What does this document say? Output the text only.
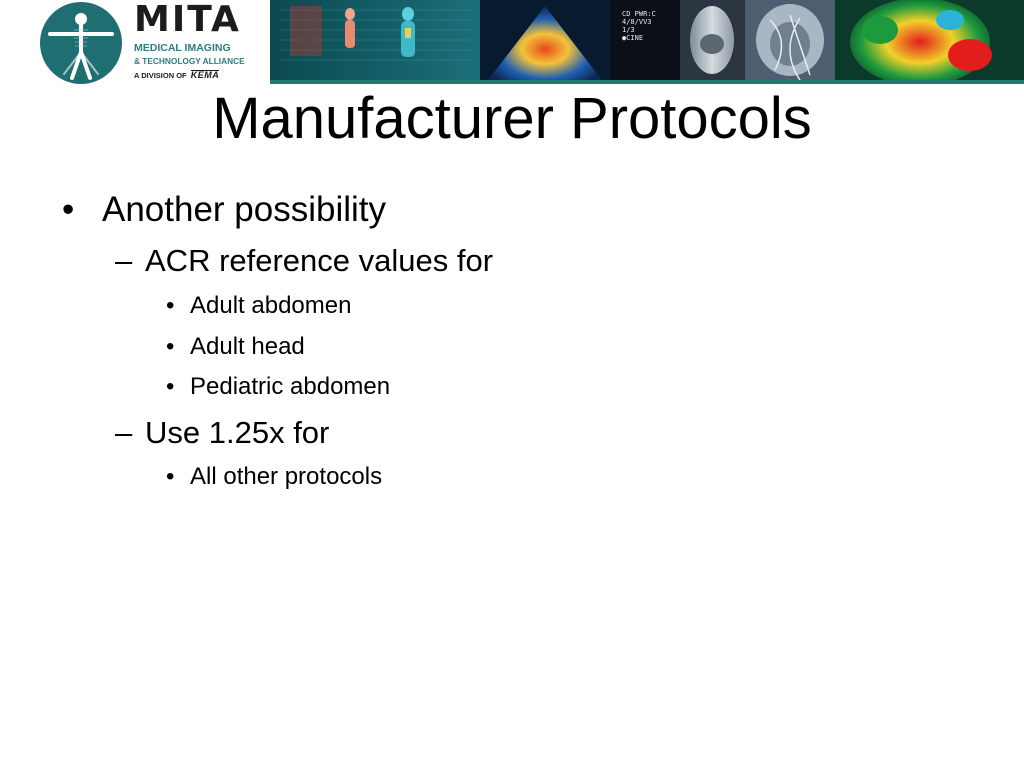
MITA
MEDICAL IMAGING
& TECHNOLOGY ALLIANCE
A DIVISION OF KEMA
CD PWR:C
4/8/VV3
1/3
●CINE
Manufacturer Protocols
• Another possibility
– ACR reference values for
• Adult abdomen
• Adult head
• Pediatric abdomen
– Use 1.25x for
• All other protocols
